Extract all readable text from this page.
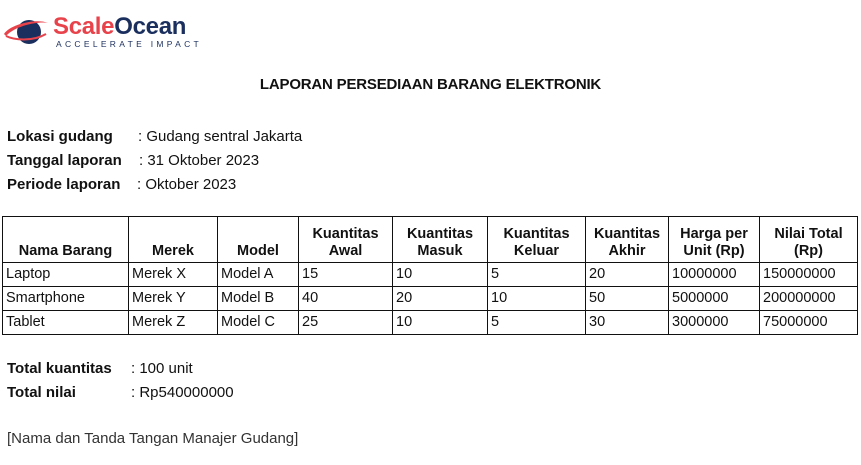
ScaleOcean
ACCELERATE IMPACT
LAPORAN PERSEDIAAN BARANG ELEKTRONIK
Lokasi gudang	: Gudang sentral Jakarta
Tanggal laporan	: 31 Oktober 2023
Periode laporan	: Oktober 2023
Nama Barang	Merek	Model	Kuantitas Awal	Kuantitas Masuk	Kuantitas Keluar	Kuantitas Akhir	Harga per Unit (Rp)	Nilai Total (Rp)
Laptop	Merek X	Model A	15	10	5	20	10000000	150000000
Smartphone	Merek Y	Model B	40	20	10	50	5000000	200000000
Tablet	Merek Z	Model C	25	10	5	30	3000000	75000000
Total kuantitas	: 100 unit
Total nilai	: Rp540000000
[Nama dan Tanda Tangan Manajer Gudang]
